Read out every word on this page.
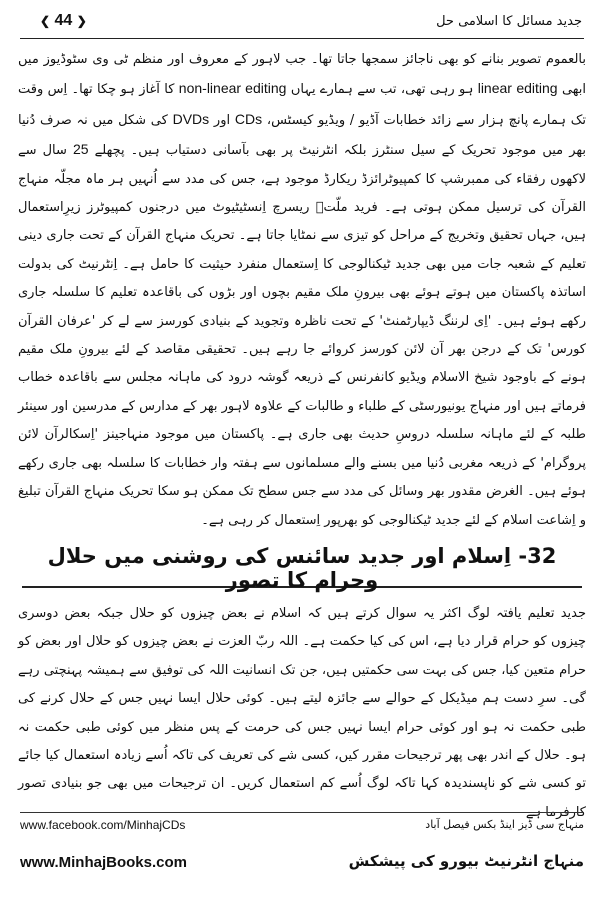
❮ 44 ❯	جدید مسائل کا اسلامی حل
بالعموم تصویر بنانے کو بھی ناجائز سمجھا جاتا تھا۔ جب لاہور کے معروف اور منظم ٹی وی سٹوڈیوز میں ابھی linear editing ہو رہی تھی، تب سے ہمارے یہاں non-linear editing کا آغاز ہو چکا تھا۔ اِس وقت تک ہمارے پانچ ہزار سے زائد خطابات آڈیو / ویڈیو کیسٹس، CDs اور DVDs کی شکل میں نہ صرف دُنیا بھر میں موجود تحریک کے سیل سنٹرز بلکہ انٹرنیٹ پر بھی بآسانی دستیاب ہیں۔ پچھلے 25 سال سے لاکھوں رفقاء کی ممبرشپ کا کمپیوٹرائزڈ ریکارڈ موجود ہے، جس کی مدد سے اُنہیں ہر ماہ مجلّہ منہاج القرآن کی ترسیل ممکن ہوتی ہے۔ فرید ملّتؒ ریسرچ اِنسٹیٹیوٹ میں درجنوں کمپیوٹرز زیرِاستعمال ہیں، جہاں تحقیق وتخریج کے مراحل کو تیزی سے نمٹایا جاتا ہے۔ تحریک منہاج القرآن کے تحت جاری دینی تعلیم کے شعبہ جات میں بھی جدید ٹیکنالوجی کا اِستعمال منفرد حیثیت کا حامل ہے۔ اِنٹرنیٹ کی بدولت اساتذہ پاکستان میں ہوتے ہوئے بھی بیرونِ ملک مقیم بچوں اور بڑوں کی باقاعدہ تعلیم کا سلسلہ جاری رکھے ہوئے ہیں۔ 'اِی لرننگ ڈیپارٹمنٹ' کے تحت ناظرہ وتجوید کے بنیادی کورسز سے لے کر 'عرفان القرآن کورس' تک کے درجن بھر آن لائن کورسز کروائے جا رہے ہیں۔ تحقیقی مقاصد کے لئے بیرونِ ملک مقیم ہونے کے باوجود شیخ الاسلام ویڈیو کانفرنس کے ذریعہ گوشہ درود کی ماہانہ مجلس سے باقاعدہ خطاب فرماتے ہیں اور منہاج یونیورسٹی کے طلباء و طالبات کے علاوہ لاہور بھر کے مدارس کے مدرسین اور سینئر طلبہ کے لئے ماہانہ سلسلہ دروسِ حدیث بھی جاری ہے۔ پاکستان میں موجود منہاجینز 'اِسکالرآن لائن پروگرام' کے ذریعہ مغربی دُنیا میں بسنے والے مسلمانوں سے ہفتہ وار خطابات کا سلسلہ بھی جاری رکھے ہوئے ہیں۔ الغرض مقدور بھر وسائل کی مدد سے جس سطح تک ممکن ہو سکا تحریک منہاج القرآن تبلیغ و اِشاعت اسلام کے لئے جدید ٹیکنالوجی کو بھرپور اِستعمال کر رہی ہے۔
32- اِسلام اور جدید سائنس کی روشنی میں حلال وحرام کا تصور
جدید تعلیم یافتہ لوگ اکثر یہ سوال کرتے ہیں کہ اسلام نے بعض چیزوں کو حلال جبکہ بعض دوسری چیزوں کو حرام قرار دیا ہے، اس کی کیا حکمت ہے۔ اللہ ربّ العزت نے بعض چیزوں کو حلال اور بعض کو حرام متعین کیا، جس کی بہت سی حکمتیں ہیں، جن تک انسانیت اللہ کی توفیق سے ہمیشہ پہنچتی رہے گی۔ سرِ دست ہم میڈیکل کے حوالے سے جائزہ لیتے ہیں۔ کوئی حلال ایسا نہیں جس کے حلال کرنے کی طبی حکمت نہ ہو اور کوئی حرام ایسا نہیں جس کی حرمت کے پس منظر میں کوئی طبی حکمت نہ ہو۔ حلال کے اندر بھی پھر ترجیحات مقرر کیں، کسی شے کی تعریف کی تاکہ اُسے زیادہ استعمال کیا جائے تو کسی شے کو ناپسندیدہ کہا تاکہ لوگ اُسے کم استعمال کریں۔ ان ترجیحات میں بھی جو بنیادی تصور کارفرما ہے
www.facebook.com/MinhajCDs	منہاج سی ڈیز اینڈ بکس فیصل آباد
www.MinhajBooks.com	منہاج انٹرنیٹ بیورو کی پیشکش
